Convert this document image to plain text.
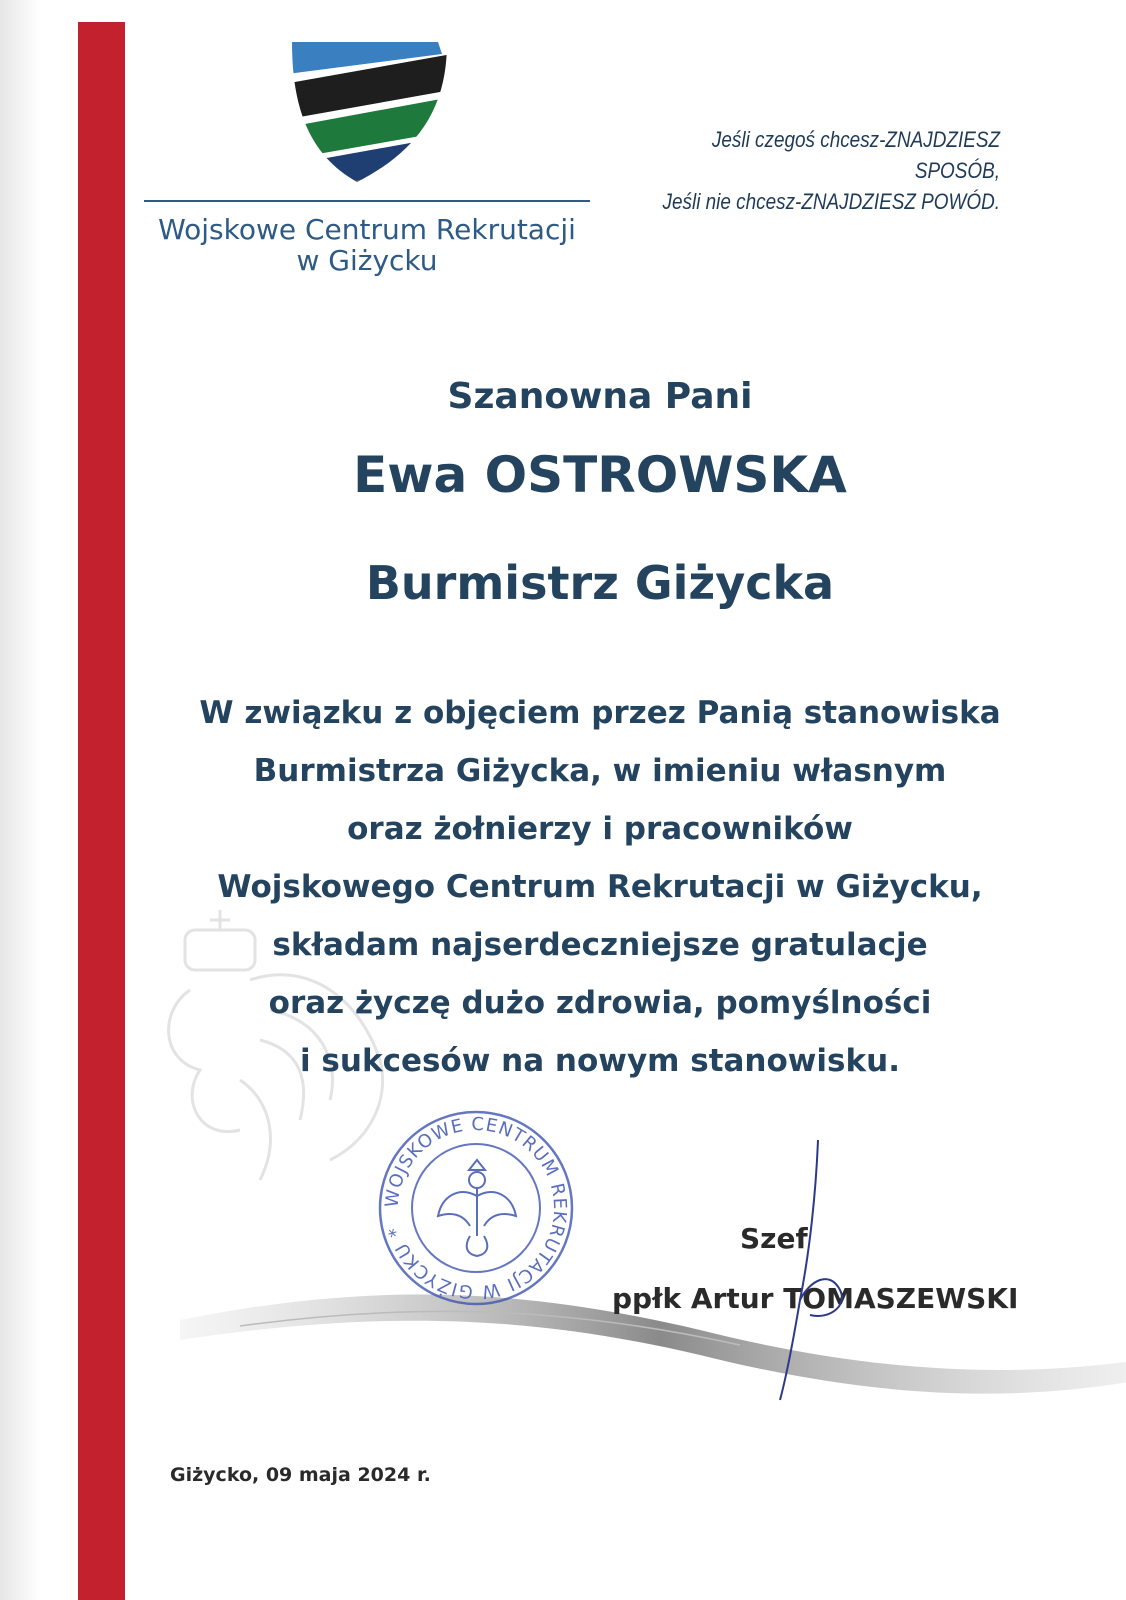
Wojskowe Centrum Rekrutacji
w Giżycku
Jeśli czegoś chcesz-ZNAJDZIESZ SPOSÓB,
Jeśli nie chcesz-ZNAJDZIESZ POWÓD.
Szanowna Pani
Ewa OSTROWSKA
Burmistrz Giżycka
W związku z objęciem przez Panią stanowiska
Burmistrza Giżycka, w imieniu własnym
oraz żołnierzy i pracowników
Wojskowego Centrum Rekrutacji w Giżycku,
składam najserdeczniejsze gratulacje
oraz życzę dużo zdrowia, pomyślności
i sukcesów na nowym stanowisku.
WOJSKOWE CENTRUM REKRUTACJI W GIŻYCKU *	Szef
ppłk Artur TOMASZEWSKI
Giżycko, 09 maja 2024 r.
